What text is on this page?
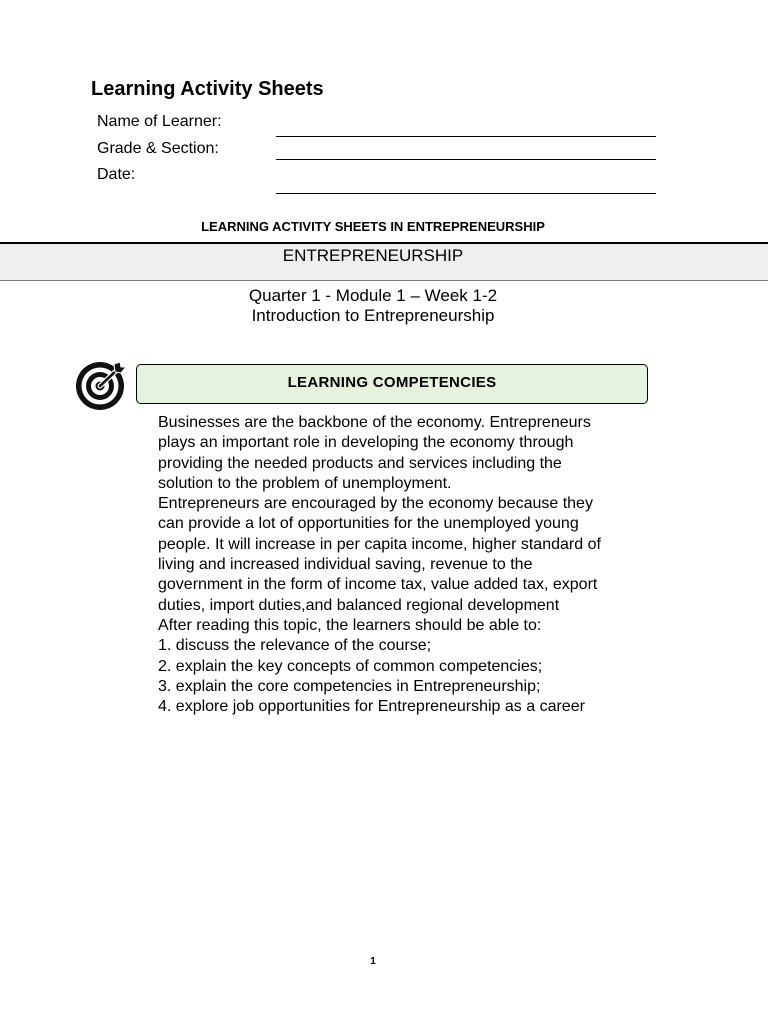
Learning Activity Sheets
Name of Learner:
Grade & Section:
Date:
LEARNING ACTIVITY SHEETS IN ENTREPRENEURSHIP
ENTREPRENEURSHIP
Quarter 1 - Module 1 – Week 1-2
Introduction to Entrepreneurship
LEARNING COMPETENCIES

Businesses are the backbone of the economy. Entrepreneurs

plays an important role in developing the economy through

providing the needed products and services including the

solution to the problem of unemployment.

Entrepreneurs are encouraged by the economy because they

can provide a lot of opportunities for the unemployed young

people. It will increase in per capita income, higher standard of

living and increased individual saving, revenue to the

government in the form of income tax, value added tax, export

duties, import duties,and balanced regional development

After reading this topic, the learners should be able to:

1. discuss the relevance of the course;

2. explain the key concepts of common competencies;

3. explain the core competencies in Entrepreneurship;

4. explore job opportunities for Entrepreneurship as a career

1
